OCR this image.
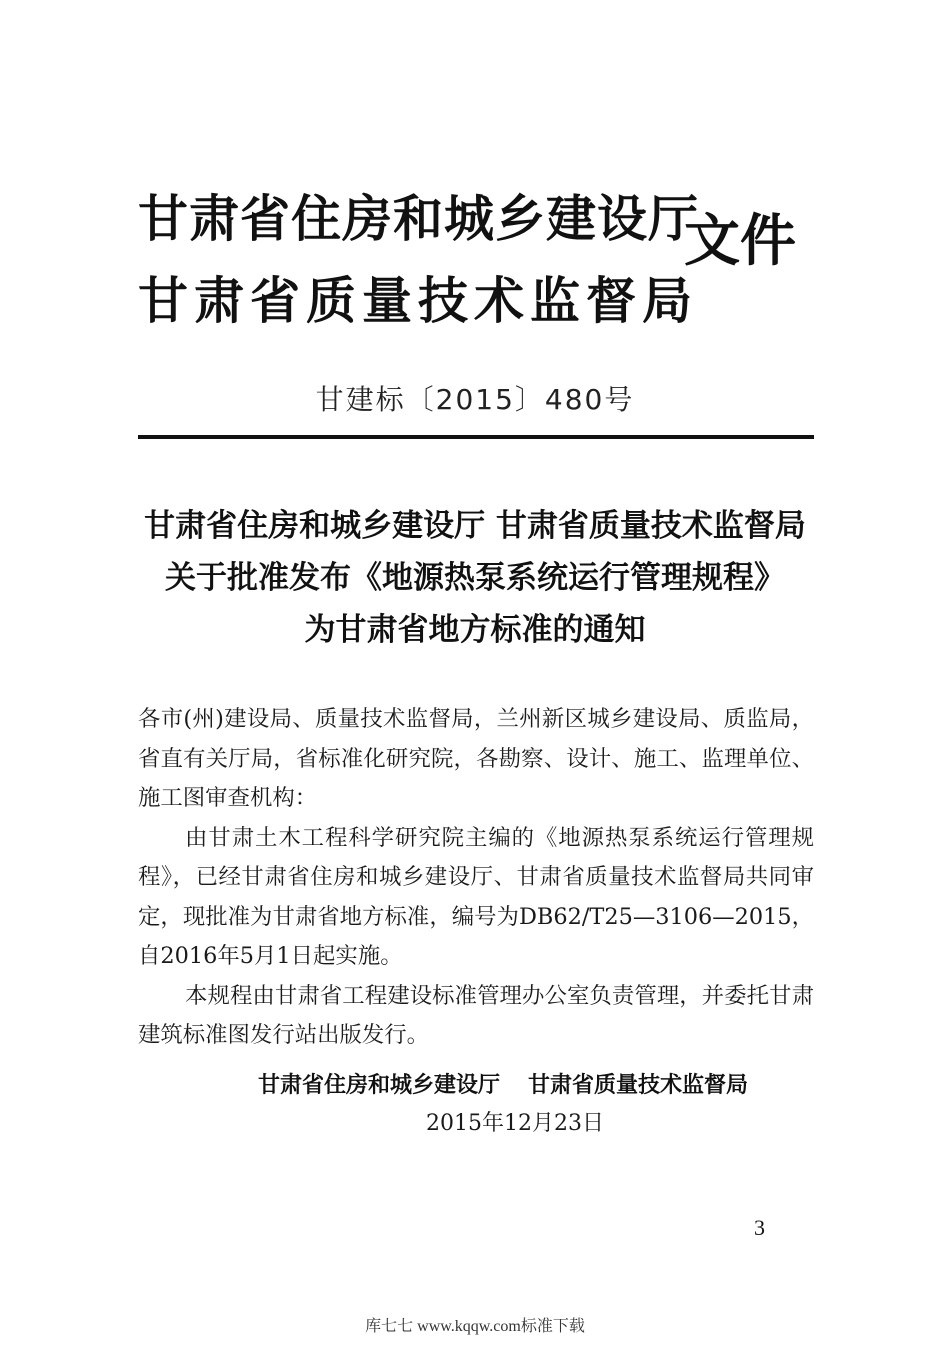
甘肃省住房和城乡建设厅
甘肃省质量技术监督局
文件
甘建标〔2015〕480号
甘肃省住房和城乡建设厅 甘肃省质量技术监督局
关于批准发布《地源热泵系统运行管理规程》
为甘肃省地方标准的通知

各市(州)建设局、质量技术监督局，兰州新区城乡建设局、质监局，省直有关厅局，省标准化研究院，各勘察、设计、施工、监理单位、施工图审查机构：

由甘肃土木工程科学研究院主编的《地源热泵系统运行管理规程》，已经甘肃省住房和城乡建设厅、甘肃省质量技术监督局共同审定，现批准为甘肃省地方标准，编号为DB62/T25—3106—2015，自2016年5月1日起实施。

本规程由甘肃省工程建设标准管理办公室负责管理，并委托甘肃建筑标准图发行站出版发行。

甘肃省住房和城乡建设厅 甘肃省质量技术监督局
2015年12月23日
3
库七七 www.kqqw.com标准下载
